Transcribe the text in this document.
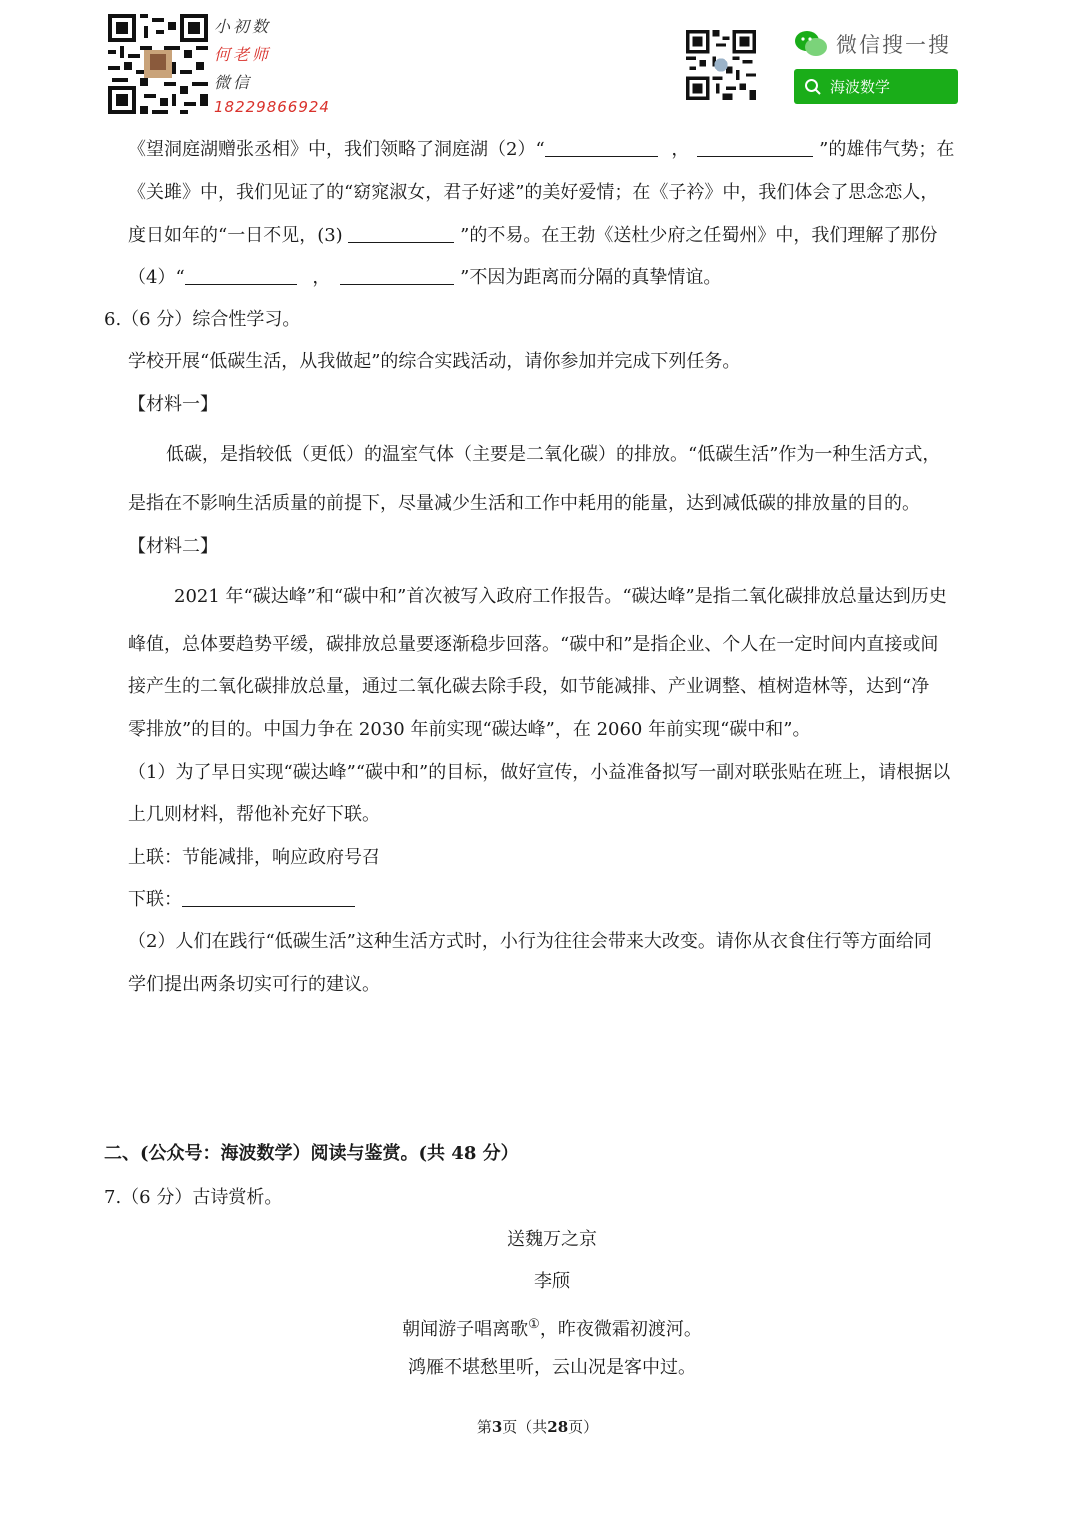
小初数
何老师
微信
18229866924
微信搜一搜
海波数学
《望洞庭湖赠张丞相》中，我们领略了洞庭湖（2）“	，	”的雄伟气势；在
《关雎》中，我们见证了的“窈窕淑女，君子好逑”的美好爱情；在《子衿》中，我们体会了思念恋人，
度日如年的“一日不见，(3)	”的不易。在王勃《送杜少府之任蜀州》中，我们理解了那份
（4）“	，	”不因为距离而分隔的真挚情谊。
6.（6 分）综合性学习。
学校开展“低碳生活，从我做起”的综合实践活动，请你参加并完成下列任务。
【材料一】
低碳，是指较低（更低）的温室气体（主要是二氧化碳）的排放。“低碳生活”作为一种生活方式，
是指在不影响生活质量的前提下，尽量减少生活和工作中耗用的能量，达到减低碳的排放量的目的。
【材料二】
2021 年“碳达峰”和“碳中和”首次被写入政府工作报告。“碳达峰”是指二氧化碳排放总量达到历史
峰值，总体要趋势平缓，碳排放总量要逐渐稳步回落。“碳中和”是指企业、个人在一定时间内直接或间
接产生的二氧化碳排放总量，通过二氧化碳去除手段，如节能减排、产业调整、植树造林等，达到“净
零排放”的目的。中国力争在 2030 年前实现“碳达峰”，在 2060 年前实现“碳中和”。
（1）为了早日实现“碳达峰”“碳中和”的目标，做好宣传，小益准备拟写一副对联张贴在班上，请根据以
上几则材料，帮他补充好下联。
上联：节能减排，响应政府号召
下联：
（2）人们在践行“低碳生活”这种生活方式时，小行为往往会带来大改变。请你从衣食住行等方面给同
学们提出两条切实可行的建议。
二、(公众号：海波数学）阅读与鉴赏。(共 48 分）
7.（6 分）古诗赏析。
送魏万之京
李颀
朝闻游子唱离歌①，昨夜微霜初渡河。
鸿雁不堪愁里听，云山况是客中过。
第3页（共28页）
